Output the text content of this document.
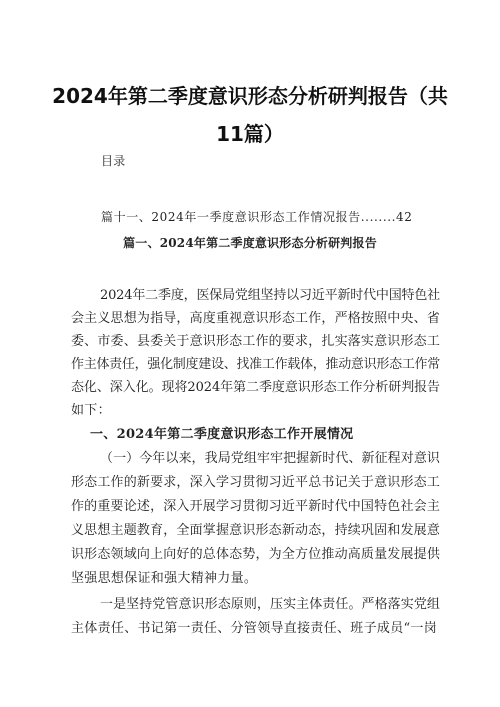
2024年第二季度意识形态分析研判报告（共
11篇）
目录
篇十一、2024年一季度意识形态工作情况报告........42
篇一、2024年第二季度意识形态分析研判报告
2024年二季度，医保局党组坚持以习近平新时代中国特色社
会主义思想为指导，高度重视意识形态工作，严格按照中央、省
委、市委、县委关于意识形态工作的要求，扎实落实意识形态工
作主体责任，强化制度建设、找准工作载体，推动意识形态工作常
态化、深入化。现将2024年第二季度意识形态工作分析研判报告
如下：
一、2024年第二季度意识形态工作开展情况
（一）今年以来，我局党组牢牢把握新时代、新征程对意识
形态工作的新要求，深入学习贯彻习近平总书记关于意识形态工
作的重要论述，深入开展学习贯彻习近平新时代中国特色社会主
义思想主题教育，全面掌握意识形态新动态，持续巩固和发展意
识形态领域向上向好的总体态势，为全方位推动高质量发展提供
坚强思想保证和强大精神力量。
一是坚持党管意识形态原则，压实主体责任。严格落实党组
主体责任、书记第一责任、分管领导直接责任、班子成员“一岗
